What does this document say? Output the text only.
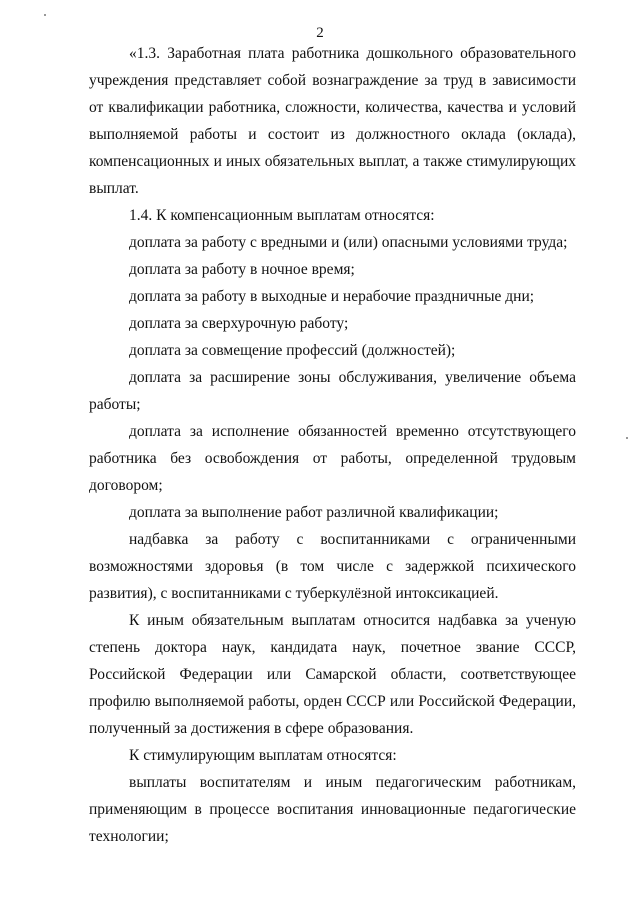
2

«1.3. Заработная плата работника дошкольного образовательного учреждения представляет собой вознаграждение за труд в зависимости от квалификации работника, сложности, количества, качества и условий выполняемой работы и состоит из должностного оклада (оклада), компенсационных и иных обязательных выплат, а также стимулирующих выплат.

1.4. К компенсационным выплатам относятся:

доплата за работу с вредными и (или) опасными условиями труда;

доплата за работу в ночное время;

доплата за работу в выходные и нерабочие праздничные дни;

доплата за сверхурочную работу;

доплата за совмещение профессий (должностей);

доплата за расширение зоны обслуживания, увеличение объема работы;

доплата за исполнение обязанностей временно отсутствующего работника без освобождения от работы, определенной трудовым договором;

доплата за выполнение работ различной квалификации;

надбавка за работу с воспитанниками с ограниченными возможностями здоровья (в том числе с задержкой психического развития), с воспитанниками с туберкулёзной интоксикацией.

К иным обязательным выплатам относится надбавка за ученую степень доктора наук, кандидата наук, почетное звание СССР, Российской Федерации или Самарской области, соответствующее профилю выполняемой работы, орден СССР или Российской Федерации, полученный за достижения в сфере образования.

К стимулирующим выплатам относятся:

выплаты воспитателям и иным педагогическим работникам, применяющим в процессе воспитания инновационные педагогические технологии;
